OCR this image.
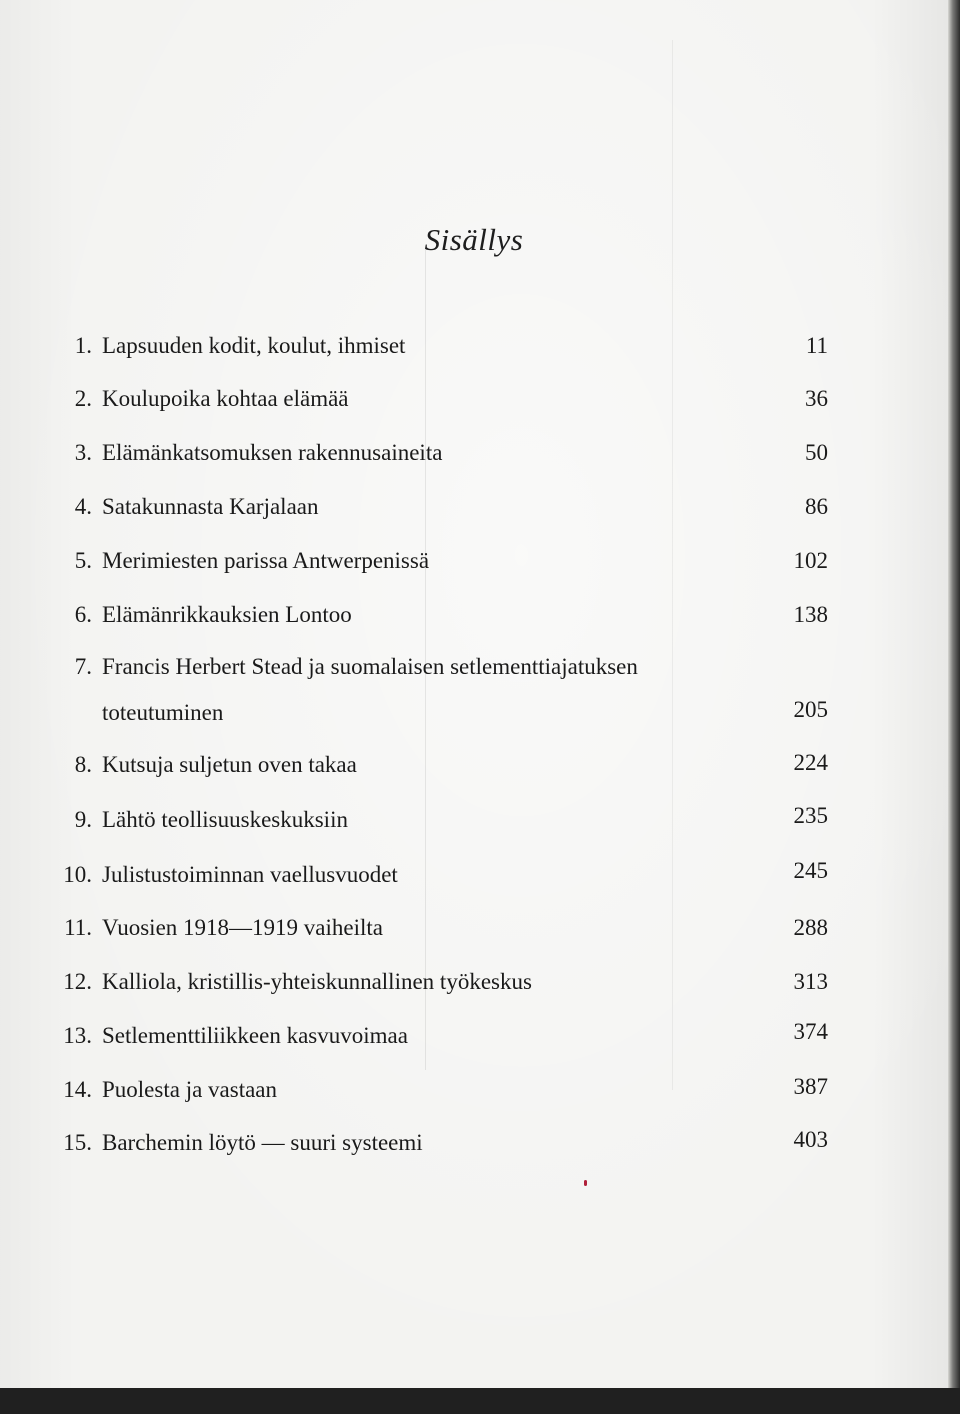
Sisällys
1. Lapsuuden kodit, koulut, ihmiset	11
2. Koulupoika kohtaa elämää	36
3. Elämänkatsomuksen rakennusaineita	50
4. Satakunnasta Karjalaan	86
5. Merimiesten parissa Antwerpenissä	102
6. Elämänrikkauksien Lontoo	138
7. Francis Herbert Stead ja suomalaisen setlementtiajatuksen
toteutuminen	205
8. Kutsuja suljetun oven takaa	224
9. Lähtö teollisuuskeskuksiin	235
10. Julistustoiminnan vaellusvuodet	245
11. Vuosien 1918—1919 vaiheilta	288
12. Kalliola, kristillis-yhteiskunnallinen työkeskus	313
13. Setlementtiliikkeen kasvuvoimaa	374
14. Puolesta ja vastaan	387
15. Barchemin löytö — suuri systeemi	403
